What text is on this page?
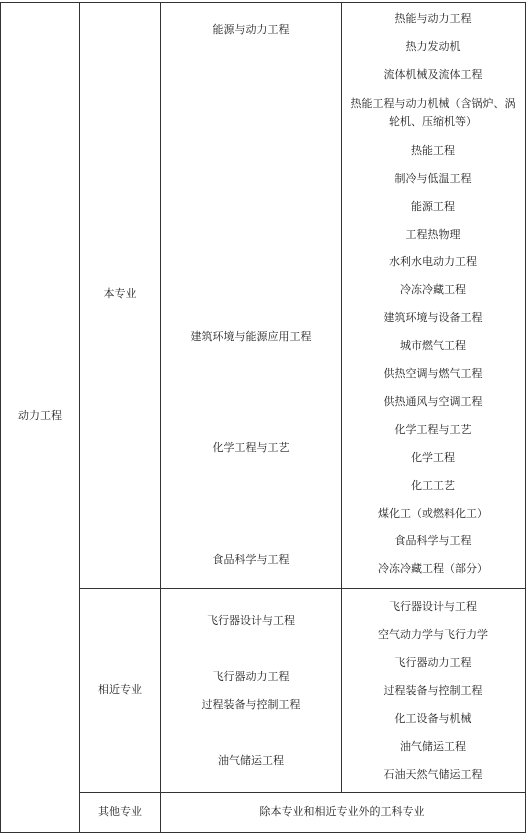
动力工程
本专业
相近专业
其他专业
能源与动力工程
建筑环境与能源应用工程
化学工程与工艺
食品科学与工程
飞行器设计与工程
飞行器动力工程
过程装备与控制工程
油气储运工程
除本专业和相近专业外的工科专业
热能与动力工程
热力发动机
流体机械及流体工程
热能工程与动力机械（含锅炉、涡轮机、压缩机等）
热能工程
制冷与低温工程
能源工程
工程热物理
水利水电动力工程
冷冻冷藏工程
建筑环境与设备工程
城市燃气工程
供热空调与燃气工程
供热通风与空调工程
化学工程与工艺
化学工程
化工工艺
煤化工（或燃料化工）
食品科学与工程
冷冻冷藏工程（部分）
飞行器设计与工程
空气动力学与飞行力学
飞行器动力工程
过程装备与控制工程
化工设备与机械
油气储运工程
石油天然气储运工程
